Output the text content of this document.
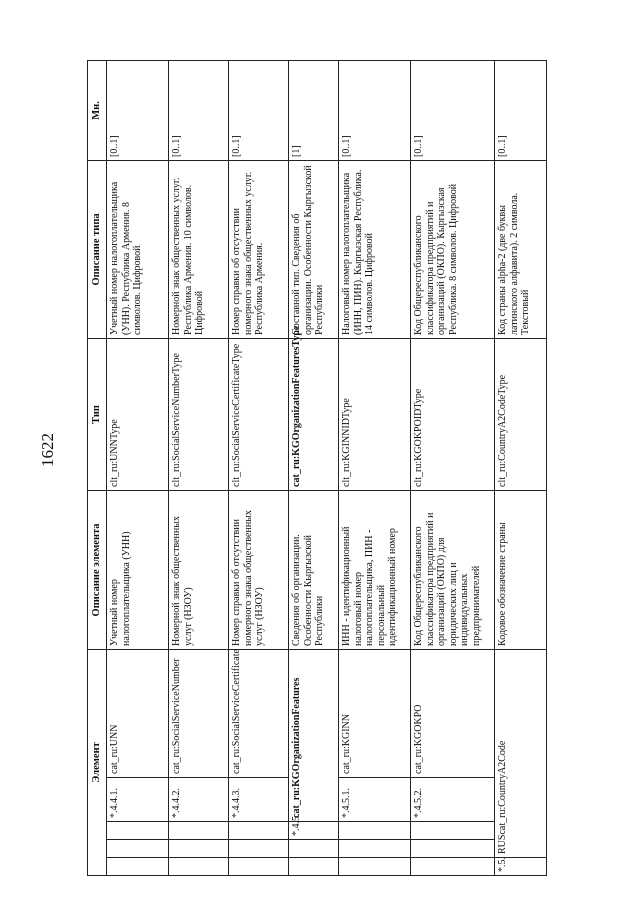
1622
Элемент					Описание элемента	Тип	Описание типа	Мн.
			*.4.4.1.	cat_ru:UNN	Учетный номер налогоплательщика (УНН)	clt_ru:UNNType	Учетный номер налогоплательщика (УНН). Республика Армения. 8 символов. Цифровой	[0..1]
			*.4.4.2.	cat_ru:SocialServiceNumber	Номерной знак общественных услуг (НЗОУ)	clt_ru:SocialServiceNumberType	Номерной знак общественных услуг. Республика Армения. 10 символов. Цифровой	[0..1]
			*.4.4.3.	cat_ru:SocialServiceCertificate	Номер справки об отсутствии номерного знака общественных услуг (НЗОУ)	clt_ru:SocialServiceCertificateType	Номер справки об отсутствии номерного знака общественных услуг. Республика Армения.	[0..1]
		*.4.5.	cat_ru:KGOrganizationFeatures		Сведения об организации. Особенности Кыргызской Республики	cat_ru:KGOrganizationFeaturesType	Составной тип. Сведения об организации. Особенности Кыргызской Республики	[1]
			*.4.5.1.	cat_ru:KGINN	ИНН - идентификационный налоговый номер налогоплательщика, ПИН - персональный идентификационный номер	clt_ru:KGINNIDType	Налоговый номер налогоплательщика (ИНН, ПИН). Кыргызская Республика. 14 символов. Цифровой	[0..1]
			*.4.5.2.	cat_ru:KGOKPO	Код Общереспубликанского классификатора предприятий и организаций (ОКПО) для юридических лиц и индивидуальных предпринимателей	clt_ru:KGOKPOIDType	Код Общереспубликанского классификатора предприятий и организаций (ОКПО). Кыргызская Республика. 8 символов. Цифровой	[0..1]
*.5.	RUScat_ru:CountryA2Code				Кодовое обозначение страны	clt_ru:CountryA2CodeType	Код страны alpha-2 (две буквы латинского алфавита). 2 символа. Текстовый	[0..1]
